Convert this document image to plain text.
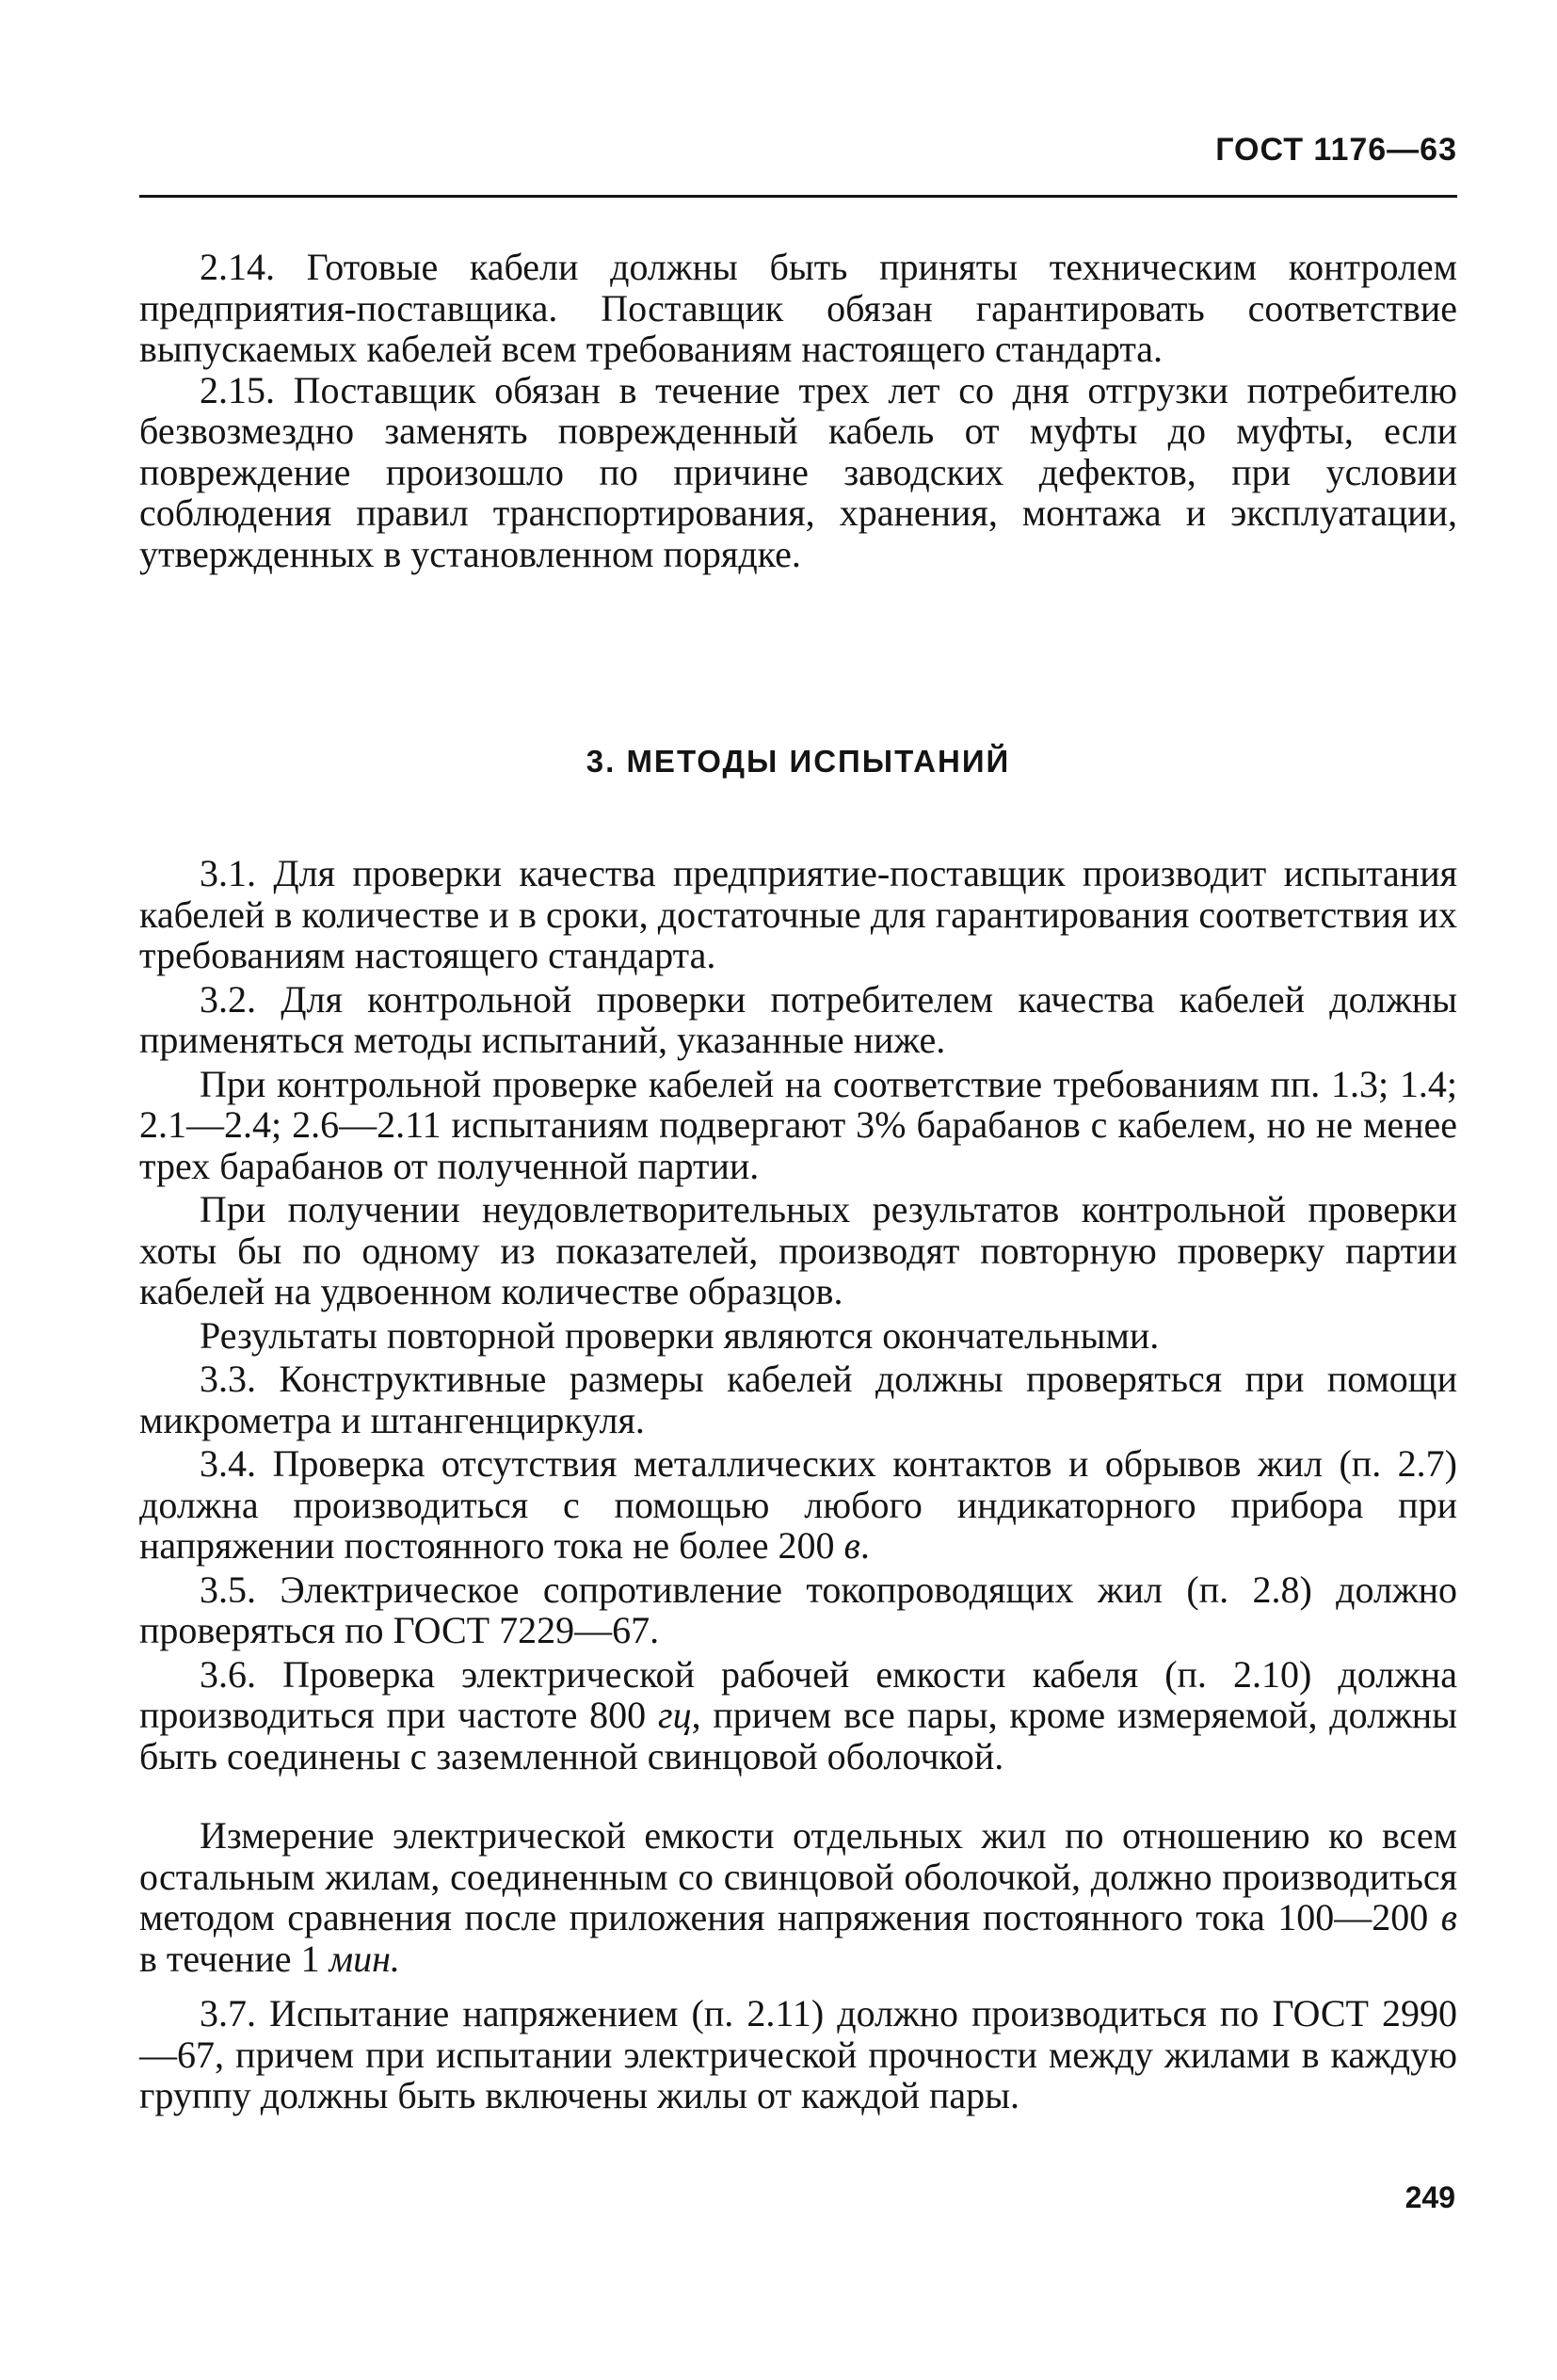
ГОСТ 1176—63

2.14. Готовые кабели должны быть приняты техническим контролем предприятия-поставщика. Поставщик обязан гарантировать соответствие выпускаемых кабелей всем требованиям настоящего стандарта.

2.15. Поставщик обязан в течение трех лет со дня отгрузки потребителю безвозмездно заменять поврежденный кабель от муфты до муфты, если повреждение произошло по причине заводских дефектов, при условии соблюдения правил транспортирования, хранения, монтажа и эксплуатации, утвержденных в установленном порядке.

3. МЕТОДЫ ИСПЫТАНИЙ

3.1. Для проверки качества предприятие-поставщик производит испытания кабелей в количестве и в сроки, достаточные для гарантирования соответствия их требованиям настоящего стандарта.

3.2. Для контрольной проверки потребителем качества кабелей должны применяться методы испытаний, указанные ниже.

При контрольной проверке кабелей на соответствие требованиям пп. 1.3; 1.4; 2.1—2.4; 2.6—2.11 испытаниям подвергают 3% барабанов с кабелем, но не менее трех барабанов от полученной партии.

При получении неудовлетворительных результатов контрольной проверки хоты бы по одному из показателей, производят повторную проверку партии кабелей на удвоенном количестве образцов.

Результаты повторной проверки являются окончательными.

3.3. Конструктивные размеры кабелей должны проверяться при помощи микрометра и штангенциркуля.

3.4. Проверка отсутствия металлических контактов и обрывов жил (п. 2.7) должна производиться с помощью любого индикаторного прибора при напряжении постоянного тока не более 200 в.

3.5. Электрическое сопротивление токопроводящих жил (п. 2.8) должно проверяться по ГОСТ 7229—67.

3.6. Проверка электрической рабочей емкости кабеля (п. 2.10) должна производиться при частоте 800 гц, причем все пары, кроме измеряемой, должны быть соединены с заземленной свинцовой оболочкой.

Измерение электрической емкости отдельных жил по отношению ко всем остальным жилам, соединенным со свинцовой оболочкой, должно производиться методом сравнения после приложения напряжения постоянного тока 100—200 в в течение 1 мин.

3.7. Испытание напряжением (п. 2.11) должно производиться по ГОСТ 2990—67, причем при испытании электрической прочности между жилами в каждую группу должны быть включены жилы от каждой пары.

249
